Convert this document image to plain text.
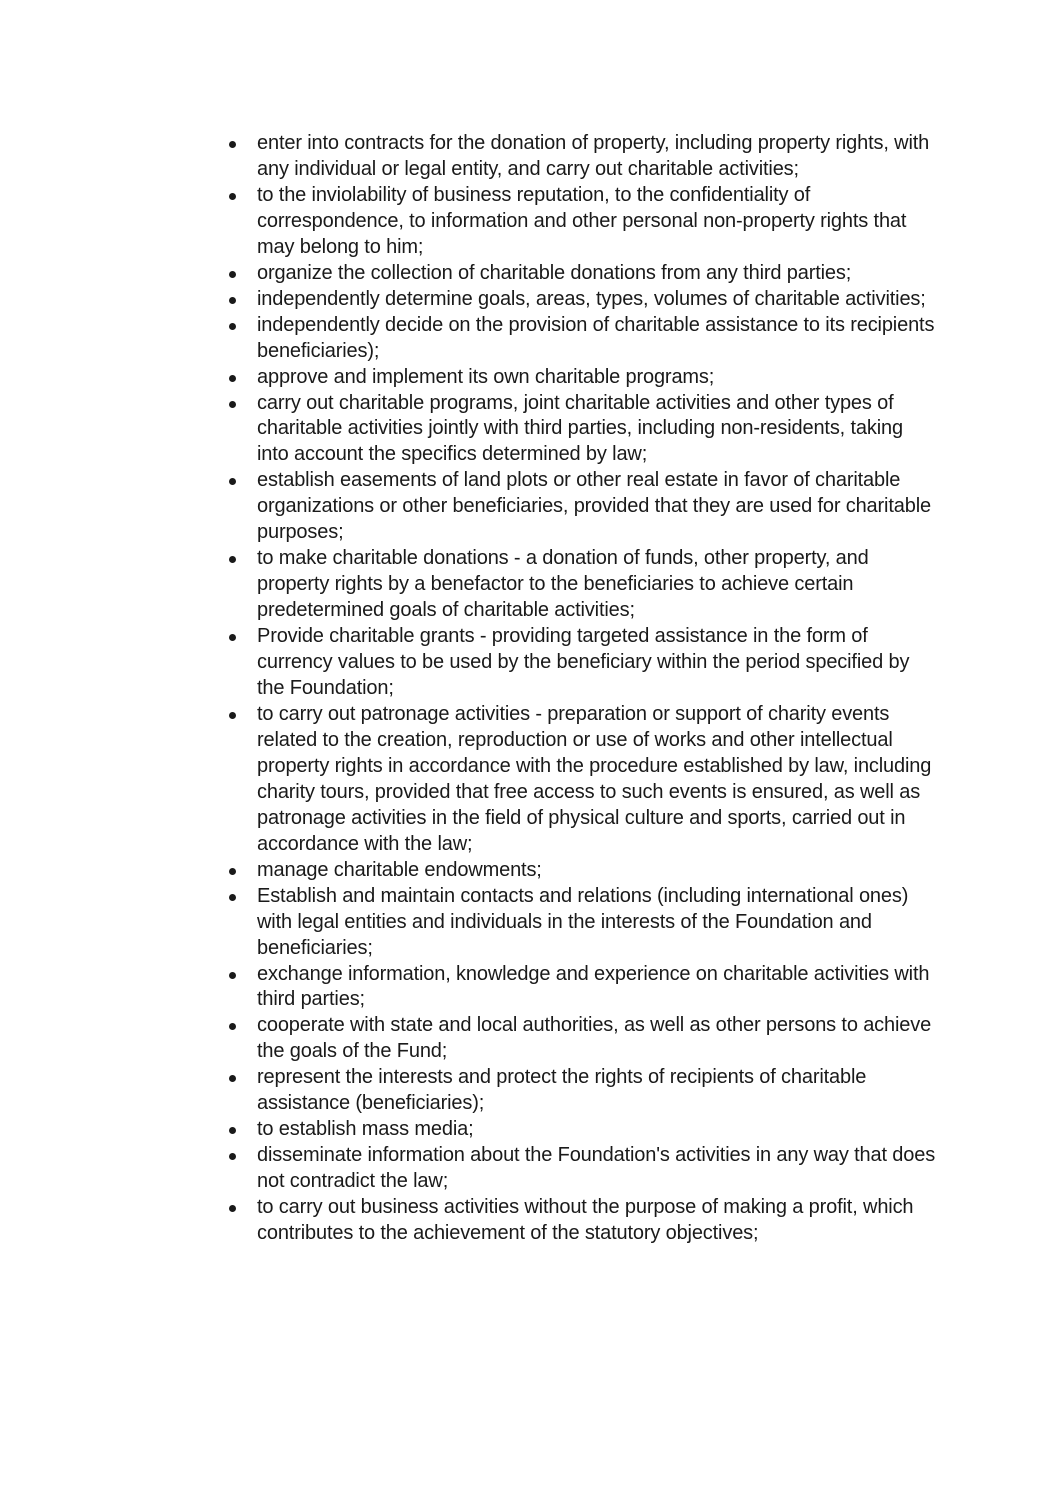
enter into contracts for the donation of property, including property rights, with any individual or legal entity, and carry out charitable activities;
to the inviolability of business reputation, to the confidentiality of correspondence, to information and other personal non-property rights that may belong to him;
organize the collection of charitable donations from any third parties;
independently determine goals, areas, types, volumes of charitable activities;
independently decide on the provision of charitable assistance to its recipients beneficiaries);
approve and implement its own charitable programs;
carry out charitable programs, joint charitable activities and other types of charitable activities jointly with third parties, including non-residents, taking into account the specifics determined by law;
establish easements of land plots or other real estate in favor of charitable organizations or other beneficiaries, provided that they are used for charitable purposes;
to make charitable donations - a donation of funds, other property, and property rights by a benefactor to the beneficiaries to achieve certain predetermined goals of charitable activities;
Provide charitable grants - providing targeted assistance in the form of currency values to be used by the beneficiary within the period specified by the Foundation;
to carry out patronage activities - preparation or support of charity events related to the creation, reproduction or use of works and other intellectual property rights in accordance with the procedure established by law, including charity tours, provided that free access to such events is ensured, as well as patronage activities in the field of physical culture and sports, carried out in accordance with the law;
manage charitable endowments;
Establish and maintain contacts and relations (including international ones) with legal entities and individuals in the interests of the Foundation and beneficiaries;
exchange information, knowledge and experience on charitable activities with third parties;
cooperate with state and local authorities, as well as other persons to achieve the goals of the Fund;
represent the interests and protect the rights of recipients of charitable assistance (beneficiaries);
to establish mass media;
disseminate information about the Foundation's activities in any way that does not contradict the law;
to carry out business activities without the purpose of making a profit, which contributes to the achievement of the statutory objectives;
